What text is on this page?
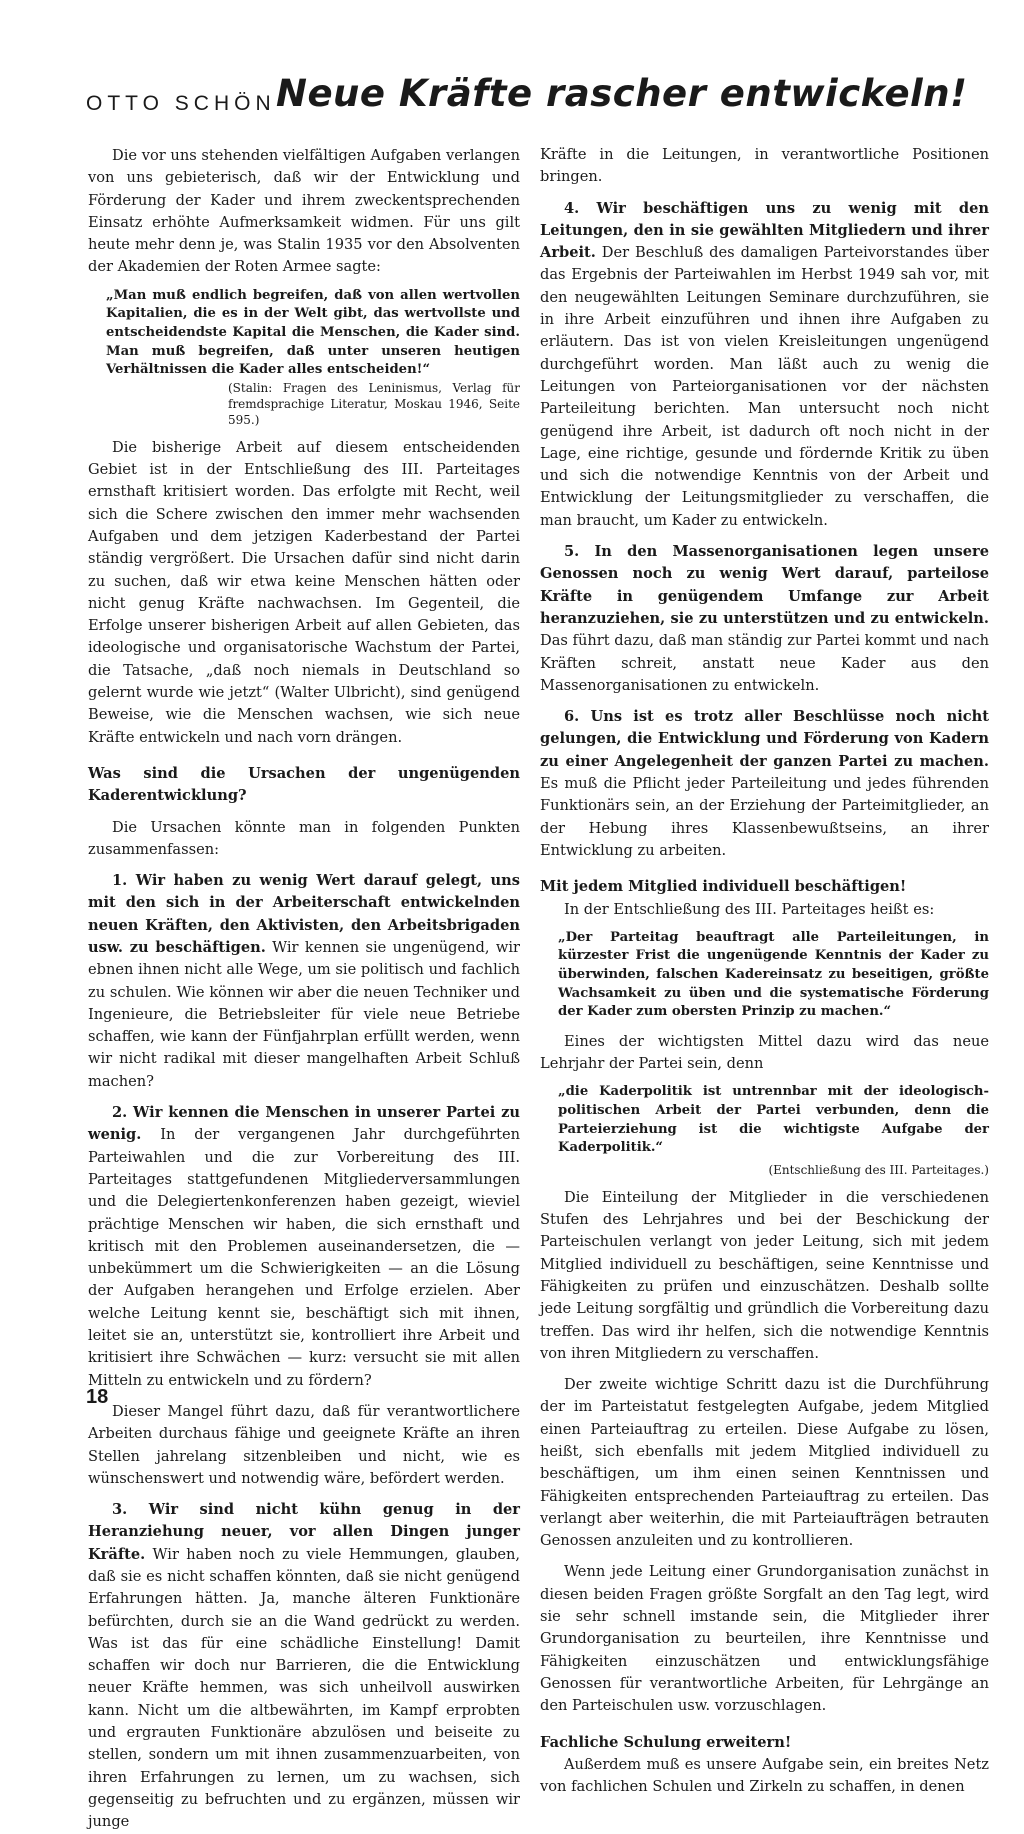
OTTO SCHÖN Neue Kräfte rascher entwickeln!

Die vor uns stehenden vielfältigen Aufgaben verlangen von uns gebieterisch, daß wir der Entwicklung und Förderung der Kader und ihrem zweckentsprechenden Einsatz erhöhte Aufmerksamkeit widmen. Für uns gilt heute mehr denn je, was Stalin 1935 vor den Absolventen der Akademien der Roten Armee sagte:

„Man muß endlich begreifen, daß von allen wertvollen Kapitalien, die es in der Welt gibt, das wertvollste und entscheidendste Kapital die Menschen, die Kader sind. Man muß begreifen, daß unter unseren heutigen Verhältnissen die Kader alles entscheiden!“

(Stalin: Fragen des Leninismus, Verlag für fremdsprachige Literatur, Moskau 1946, Seite 595.)

Die bisherige Arbeit auf diesem entscheidenden Gebiet ist in der Entschließung des III. Parteitages ernsthaft kritisiert worden. Das erfolgte mit Recht, weil sich die Schere zwischen den immer mehr wachsenden Aufgaben und dem jetzigen Kaderbestand der Partei ständig vergrößert. Die Ursachen dafür sind nicht darin zu suchen, daß wir etwa keine Menschen hätten oder nicht genug Kräfte nachwachsen. Im Gegenteil, die Erfolge unserer bisherigen Arbeit auf allen Gebieten, das ideologische und organisatorische Wachstum der Partei, die Tatsache, „daß noch niemals in Deutschland so gelernt wurde wie jetzt“ (Walter Ulbricht), sind genügend Beweise, wie die Menschen wachsen, wie sich neue Kräfte entwickeln und nach vorn drängen.

Was sind die Ursachen der ungenügenden Kaderentwicklung?

Die Ursachen könnte man in folgenden Punkten zusammenfassen:

1. Wir haben zu wenig Wert darauf gelegt, uns mit den sich in der Arbeiterschaft entwickelnden neuen Kräften, den Aktivisten, den Arbeitsbrigaden usw. zu beschäftigen. Wir kennen sie ungenügend, wir ebnen ihnen nicht alle Wege, um sie politisch und fachlich zu schulen. Wie können wir aber die neuen Techniker und Ingenieure, die Betriebsleiter für viele neue Betriebe schaffen, wie kann der Fünfjahrplan erfüllt werden, wenn wir nicht radikal mit dieser mangelhaften Arbeit Schluß machen?

2. Wir kennen die Menschen in unserer Partei zu wenig. In der vergangenen Jahr durchgeführten Parteiwahlen und die zur Vorbereitung des III. Parteitages stattgefundenen Mitgliederversammlungen und die Delegiertenkonferenzen haben gezeigt, wieviel prächtige Menschen wir haben, die sich ernsthaft und kritisch mit den Problemen auseinandersetzen, die — unbekümmert um die Schwierigkeiten — an die Lösung der Aufgaben herangehen und Erfolge erzielen. Aber welche Leitung kennt sie, beschäftigt sich mit ihnen, leitet sie an, unterstützt sie, kontrolliert ihre Arbeit und kritisiert ihre Schwächen — kurz: versucht sie mit allen Mitteln zu entwickeln und zu fördern?

Dieser Mangel führt dazu, daß für verantwortlichere Arbeiten durchaus fähige und geeignete Kräfte an ihren Stellen jahrelang sitzenbleiben und nicht, wie es wünschenswert und notwendig wäre, befördert werden.

3. Wir sind nicht kühn genug in der Heranziehung neuer, vor allen Dingen junger Kräfte. Wir haben noch zu viele Hemmungen, glauben, daß sie es nicht schaffen könnten, daß sie nicht genügend Erfahrungen hätten. Ja, manche älteren Funktionäre befürchten, durch sie an die Wand gedrückt zu werden. Was ist das für eine schädliche Einstellung! Damit schaffen wir doch nur Barrieren, die die Entwicklung neuer Kräfte hemmen, was sich unheilvoll auswirken kann. Nicht um die altbewährten, im Kampf erprobten und ergrauten Funktionäre abzulösen und beiseite zu stellen, sondern um mit ihnen zusammenzuarbeiten, von ihren Erfahrungen zu lernen, um zu wachsen, sich gegenseitig zu befruchten und zu ergänzen, müssen wir junge

Kräfte in die Leitungen, in verantwortliche Positionen bringen.

4. Wir beschäftigen uns zu wenig mit den Leitungen, den in sie gewählten Mitgliedern und ihrer Arbeit. Der Beschluß des damaligen Parteivorstandes über das Ergebnis der Parteiwahlen im Herbst 1949 sah vor, mit den neugewählten Leitungen Seminare durchzuführen, sie in ihre Arbeit einzuführen und ihnen ihre Aufgaben zu erläutern. Das ist von vielen Kreisleitungen ungenügend durchgeführt worden. Man läßt auch zu wenig die Leitungen von Parteiorganisationen vor der nächsten Parteileitung berichten. Man untersucht noch nicht genügend ihre Arbeit, ist dadurch oft noch nicht in der Lage, eine richtige, gesunde und fördernde Kritik zu üben und sich die notwendige Kenntnis von der Arbeit und Entwicklung der Leitungsmitglieder zu verschaffen, die man braucht, um Kader zu entwickeln.

5. In den Massenorganisationen legen unsere Genossen noch zu wenig Wert darauf, parteilose Kräfte in genügendem Umfange zur Arbeit heranzuziehen, sie zu unterstützen und zu entwickeln. Das führt dazu, daß man ständig zur Partei kommt und nach Kräften schreit, anstatt neue Kader aus den Massenorganisationen zu entwickeln.

6. Uns ist es trotz aller Beschlüsse noch nicht gelungen, die Entwicklung und Förderung von Kadern zu einer Angelegenheit der ganzen Partei zu machen. Es muß die Pflicht jeder Parteileitung und jedes führenden Funktionärs sein, an der Erziehung der Parteimitglieder, an der Hebung ihres Klassenbewußtseins, an ihrer Entwicklung zu arbeiten.

Mit jedem Mitglied individuell beschäftigen!

In der Entschließung des III. Parteitages heißt es:

„Der Parteitag beauftragt alle Parteileitungen, in kürzester Frist die ungenügende Kenntnis der Kader zu überwinden, falschen Kadereinsatz zu beseitigen, größte Wachsamkeit zu üben und die systematische Förderung der Kader zum obersten Prinzip zu machen.“

Eines der wichtigsten Mittel dazu wird das neue Lehrjahr der Partei sein, denn

„die Kaderpolitik ist untrennbar mit der ideologisch-politischen Arbeit der Partei verbunden, denn die Parteierziehung ist die wichtigste Aufgabe der Kaderpolitik.“

(Entschließung des III. Parteitages.)

Die Einteilung der Mitglieder in die verschiedenen Stufen des Lehrjahres und bei der Beschickung der Parteischulen verlangt von jeder Leitung, sich mit jedem Mitglied individuell zu beschäftigen, seine Kenntnisse und Fähigkeiten zu prüfen und einzuschätzen. Deshalb sollte jede Leitung sorgfältig und gründlich die Vorbereitung dazu treffen. Das wird ihr helfen, sich die notwendige Kenntnis von ihren Mitgliedern zu verschaffen.

Der zweite wichtige Schritt dazu ist die Durchführung der im Parteistatut festgelegten Aufgabe, jedem Mitglied einen Parteiauftrag zu erteilen. Diese Aufgabe zu lösen, heißt, sich ebenfalls mit jedem Mitglied individuell zu beschäftigen, um ihm einen seinen Kenntnissen und Fähigkeiten entsprechenden Parteiauftrag zu erteilen. Das verlangt aber weiterhin, die mit Parteiaufträgen betrauten Genossen anzuleiten und zu kontrollieren.

Wenn jede Leitung einer Grundorganisation zunächst in diesen beiden Fragen größte Sorgfalt an den Tag legt, wird sie sehr schnell imstande sein, die Mitglieder ihrer Grundorganisation zu beurteilen, ihre Kenntnisse und Fähigkeiten einzuschätzen und entwicklungsfähige Genossen für verantwortliche Arbeiten, für Lehrgänge an den Parteischulen usw. vorzuschlagen.

Fachliche Schulung erweitern!

Außerdem muß es unsere Aufgabe sein, ein breites Netz von fachlichen Schulen und Zirkeln zu schaffen, in denen

18
